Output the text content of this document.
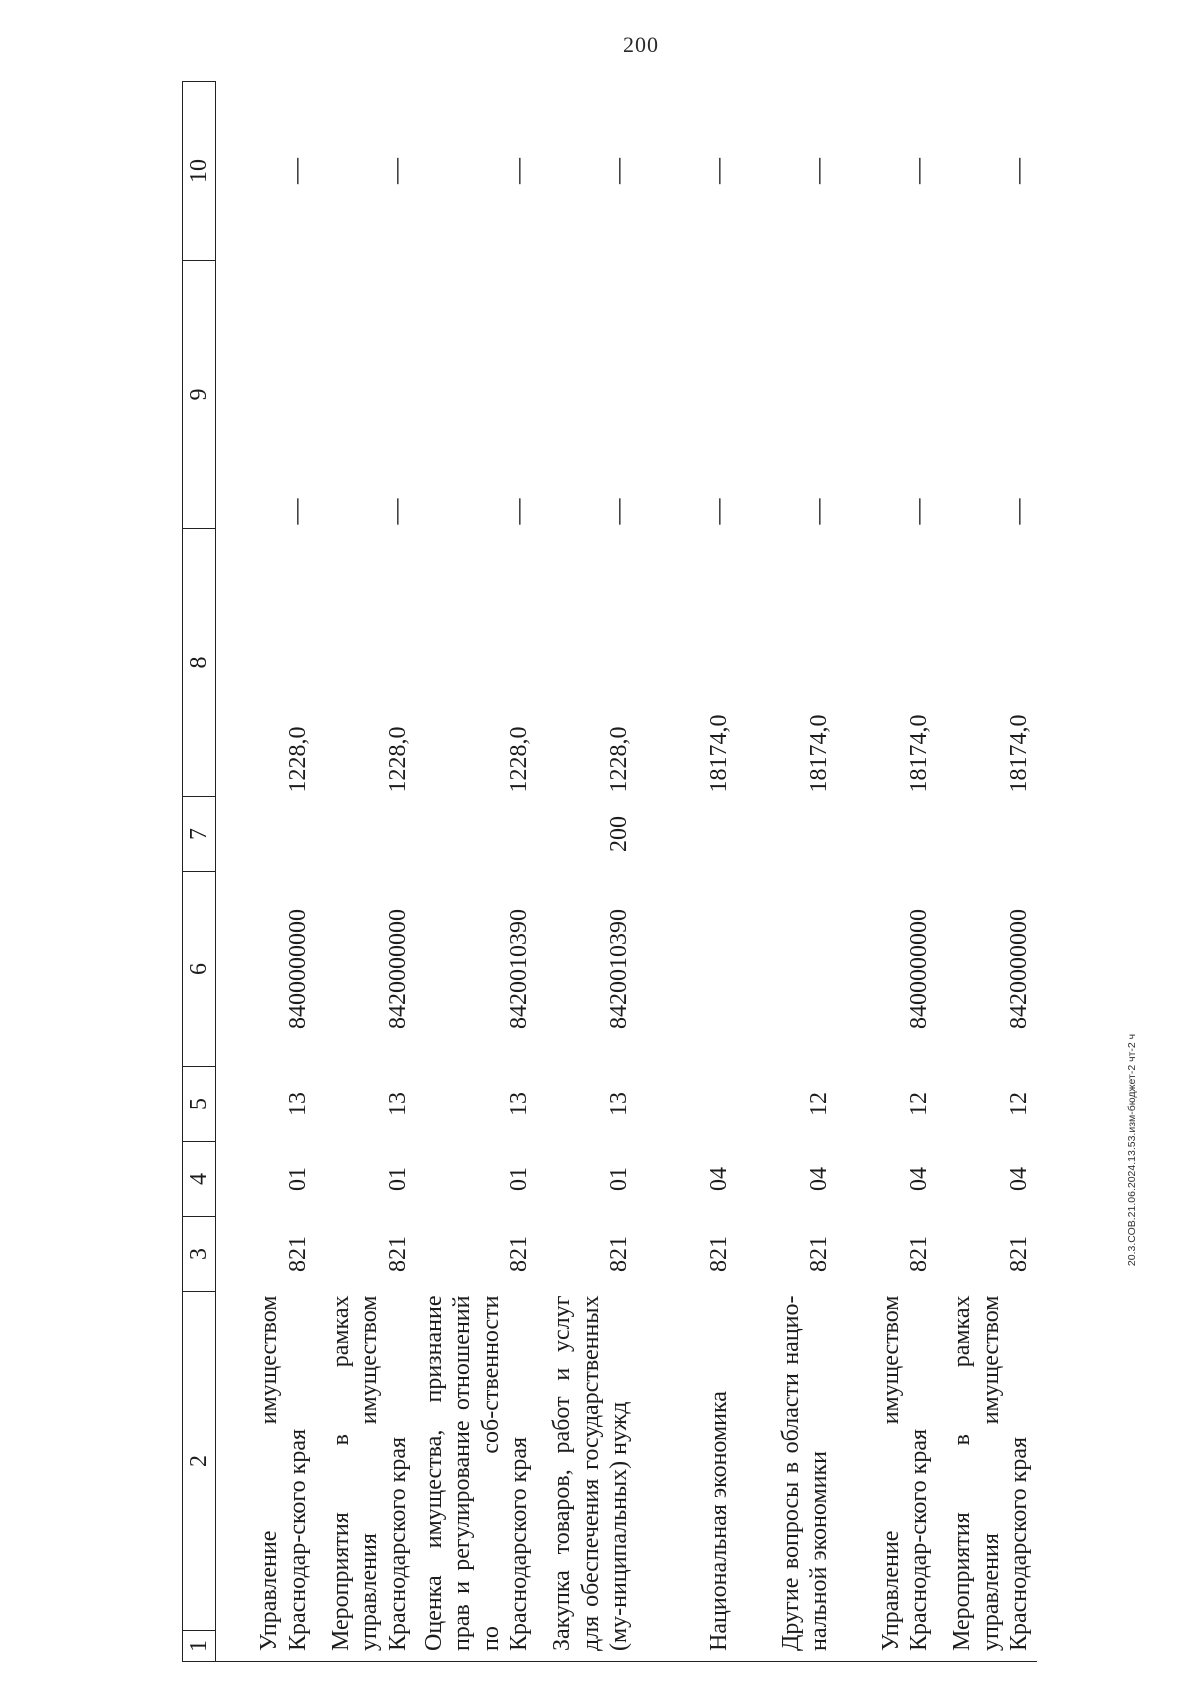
200
1
2	3	4	5	6	7	8	9	10
Управление имуществом Краснодар-ского края	821	01	13	8400000000		1228,0	—	—
Мероприятия в рамках управления имуществом Краснодарского края	821	01	13	8420000000		1228,0	—	—
Оценка имущества, признание прав и регулирование отношений по соб-ственности Краснодарского края	821	01	13	8420010390		1228,0	—	—
Закупка товаров, работ и услуг для обеспечения государственных (му-ниципальных) нужд	821	01	13	8420010390	200	1228,0	—	—
Национальная экономика	821	04				18174,0	—	—
Другие вопросы в области нацио-нальной экономики	821	04	12			18174,0	—	—
Управление имуществом Краснодар-ского края	821	04	12	8400000000		18174,0	—	—
Мероприятия в рамках управления имуществом Краснодарского края	821	04	12	8420000000		18174,0	—	—
20.3.СОВ.21.06.2024.13.53.изм-бюджет-2 чт-2 ч
